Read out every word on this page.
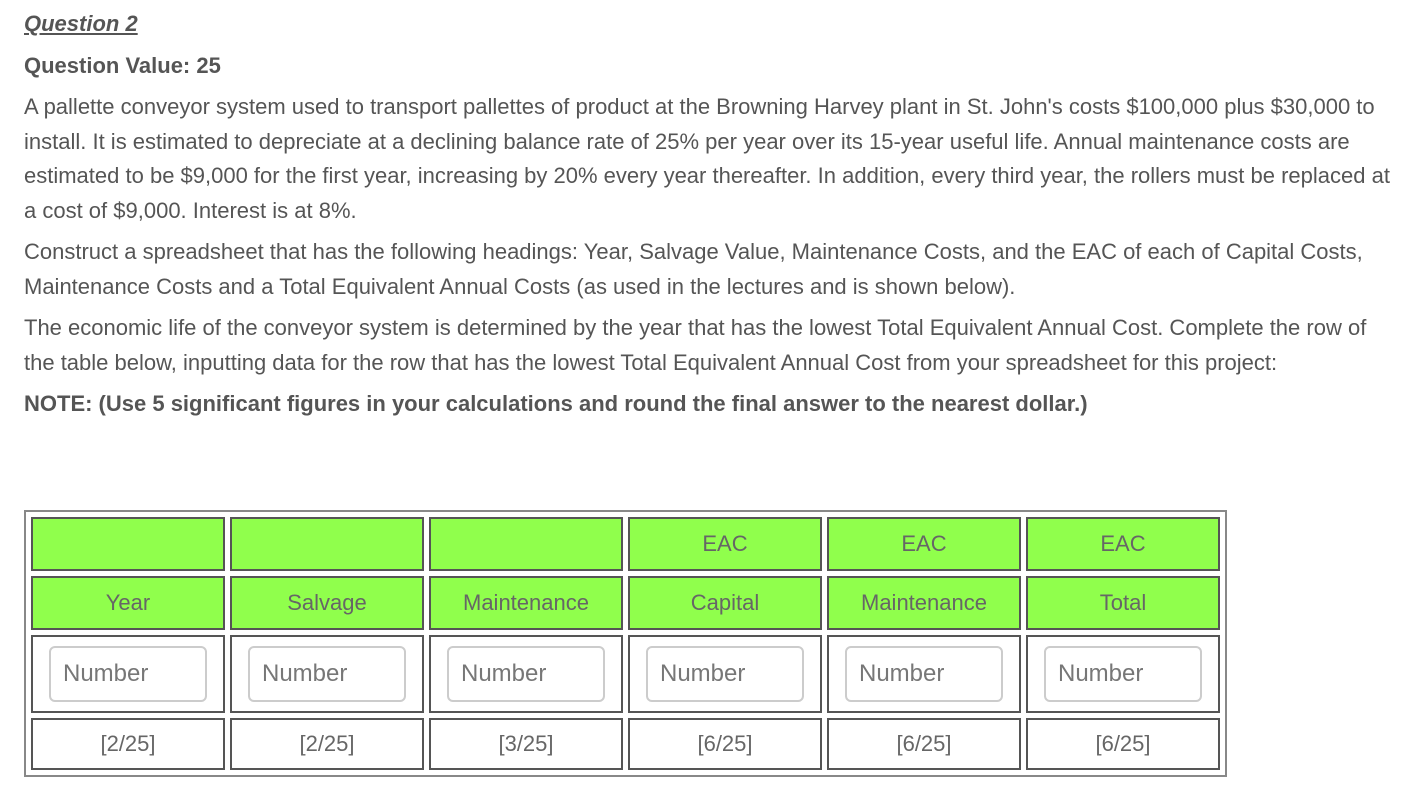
Question 2
Question Value: 25

A pallette conveyor system used to transport pallettes of product at the Browning Harvey plant in St. John's costs $100,000 plus $30,000 to install. It is estimated to depreciate at a declining balance rate of 25% per year over its 15-year useful life. Annual maintenance costs are estimated to be $9,000 for the first year, increasing by 20% every year thereafter. In addition, every third year, the rollers must be replaced at a cost of $9,000. Interest is at 8%.

Construct a spreadsheet that has the following headings: Year, Salvage Value, Maintenance Costs, and the EAC of each of Capital Costs, Maintenance Costs and a Total Equivalent Annual Costs (as used in the lectures and is shown below).

The economic life of the conveyor system is determined by the year that has the lowest Total Equivalent Annual Cost. Complete the row of the table below, inputting data for the row that has the lowest Total Equivalent Annual Cost from your spreadsheet for this project:

NOTE: (Use 5 significant figures in your calculations and round the final answer to the nearest dollar.)

			EAC	EAC	EAC
Year	Salvage	Maintenance	Capital	Maintenance	Total
Number	Number	Number	Number	Number	Number
[2/25]	[2/25]	[3/25]	[6/25]	[6/25]	[6/25]
